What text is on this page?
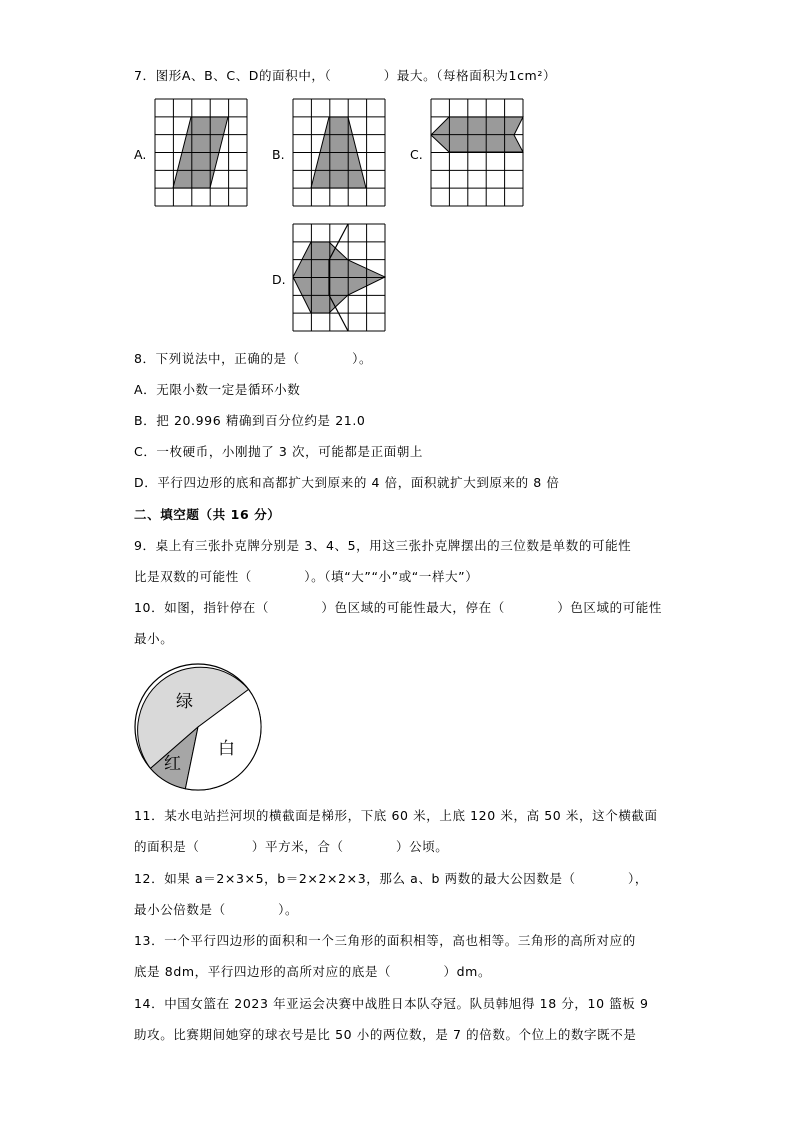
7．图形A、B、C、D的面积中，（　　　　）最大。（每格面积为1cm²）
A.	B.	C.
D.
8．下列说法中，正确的是（　　　　）。
A．无限小数一定是循环小数
B．把 20.996 精确到百分位约是 21.0
C．一枚硬币，小刚抛了 3 次，可能都是正面朝上
D．平行四边形的底和高都扩大到原来的 4 倍，面积就扩大到原来的 8 倍
二、填空题（共 16 分）
9．桌上有三张扑克牌分别是 3、4、5，用这三张扑克牌摆出的三位数是单数的可能性
比是双数的可能性（　　　　）。（填“大”“小”或“一样大”）
10．如图，指针停在（　　　　）色区域的可能性最大，停在（　　　　）色区域的可能性
最小。
绿
白
红
11．某水电站拦河坝的横截面是梯形，下底 60 米，上底 120 米，高 50 米，这个横截面
的面积是（　　　　）平方米，合（　　　　）公顷。
12．如果 a＝2×3×5，b＝2×2×2×3，那么 a、b 两数的最大公因数是（　　　　），
最小公倍数是（　　　　）。
13．一个平行四边形的面积和一个三角形的面积相等，高也相等。三角形的高所对应的
底是 8dm，平行四边形的高所对应的底是（　　　　）dm。
14．中国女篮在 2023 年亚运会决赛中战胜日本队夺冠。队员韩旭得 18 分，10 篮板 9
助攻。比赛期间她穿的球衣号是比 50 小的两位数，是 7 的倍数。个位上的数字既不是
